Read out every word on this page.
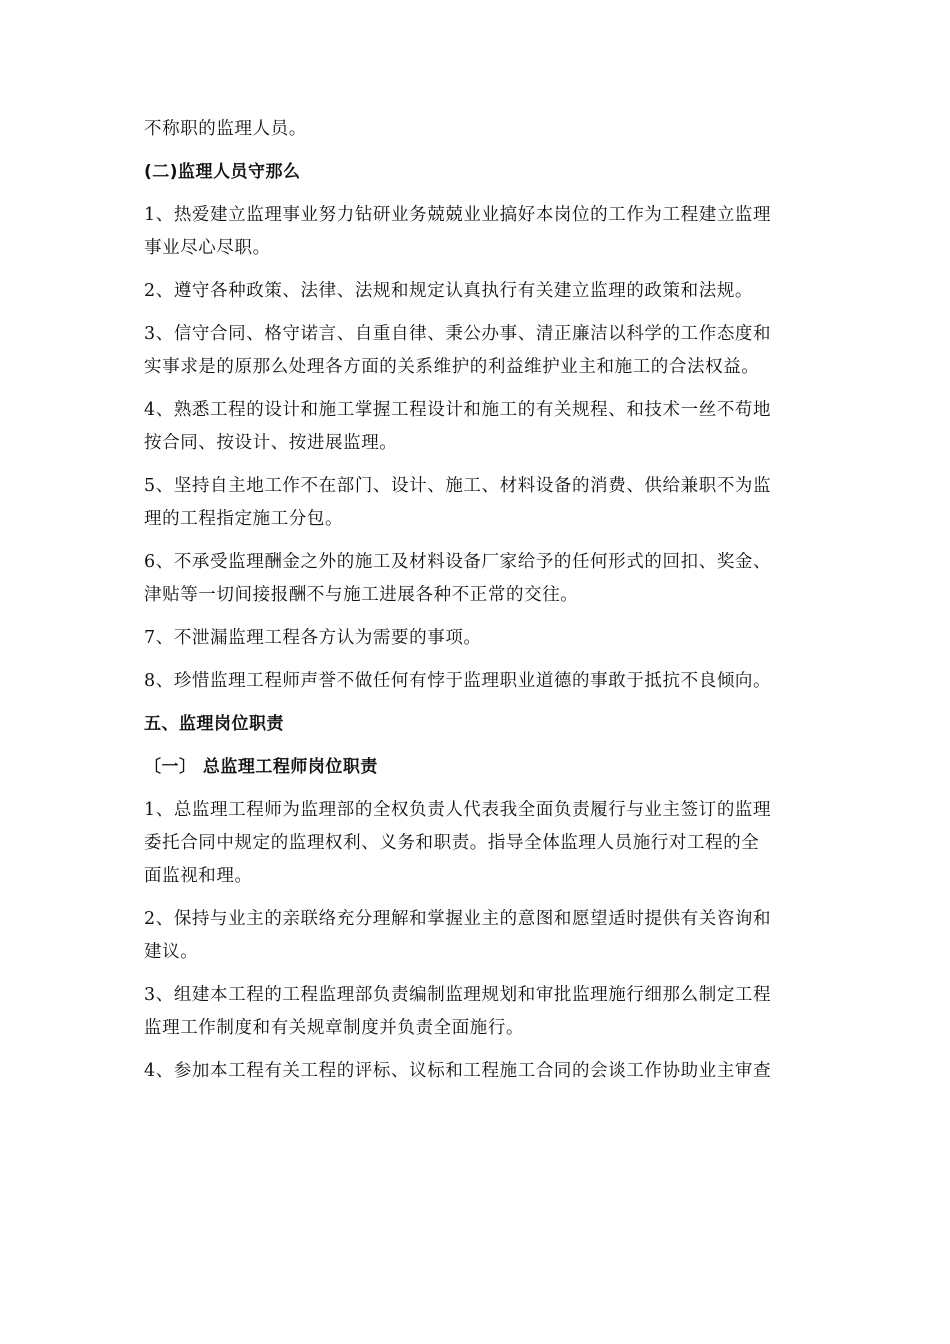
不称职的监理人员。

(二)监理人员守那么

1、热爱建立监理事业努力钻研业务兢兢业业搞好本岗位的工作为工程建立监理
事业尽心尽职。

2、遵守各种政策、法律、法规和规定认真执行有关建立监理的政策和法规。

3、信守合同、格守诺言、自重自律、秉公办事、清正廉洁以科学的工作态度和
实事求是的原那么处理各方面的关系维护的利益维护业主和施工的合法权益。

4、熟悉工程的设计和施工掌握工程设计和施工的有关规程、和技术一丝不苟地
按合同、按设计、按进展监理。

5、坚持自主地工作不在部门、设计、施工、材料设备的消费、供给兼职不为监
理的工程指定施工分包。

6、不承受监理酬金之外的施工及材料设备厂家给予的任何形式的回扣、奖金、
津贴等一切间接报酬不与施工进展各种不正常的交往。

7、不泄漏监理工程各方认为需要的事项。

8、珍惜监理工程师声誉不做任何有悖于监理职业道德的事敢于抵抗不良倾向。

五、监理岗位职责

〔一〕 总监理工程师岗位职责

1、总监理工程师为监理部的全权负责人代表我全面负责履行与业主签订的监理
委托合同中规定的监理权利、义务和职责。指导全体监理人员施行对工程的全
面监视和理。

2、保持与业主的亲联络充分理解和掌握业主的意图和愿望适时提供有关咨询和
建议。

3、组建本工程的工程监理部负责编制监理规划和审批监理施行细那么制定工程
监理工作制度和有关规章制度并负责全面施行。

4、参加本工程有关工程的评标、议标和工程施工合同的会谈工作协助业主审查
